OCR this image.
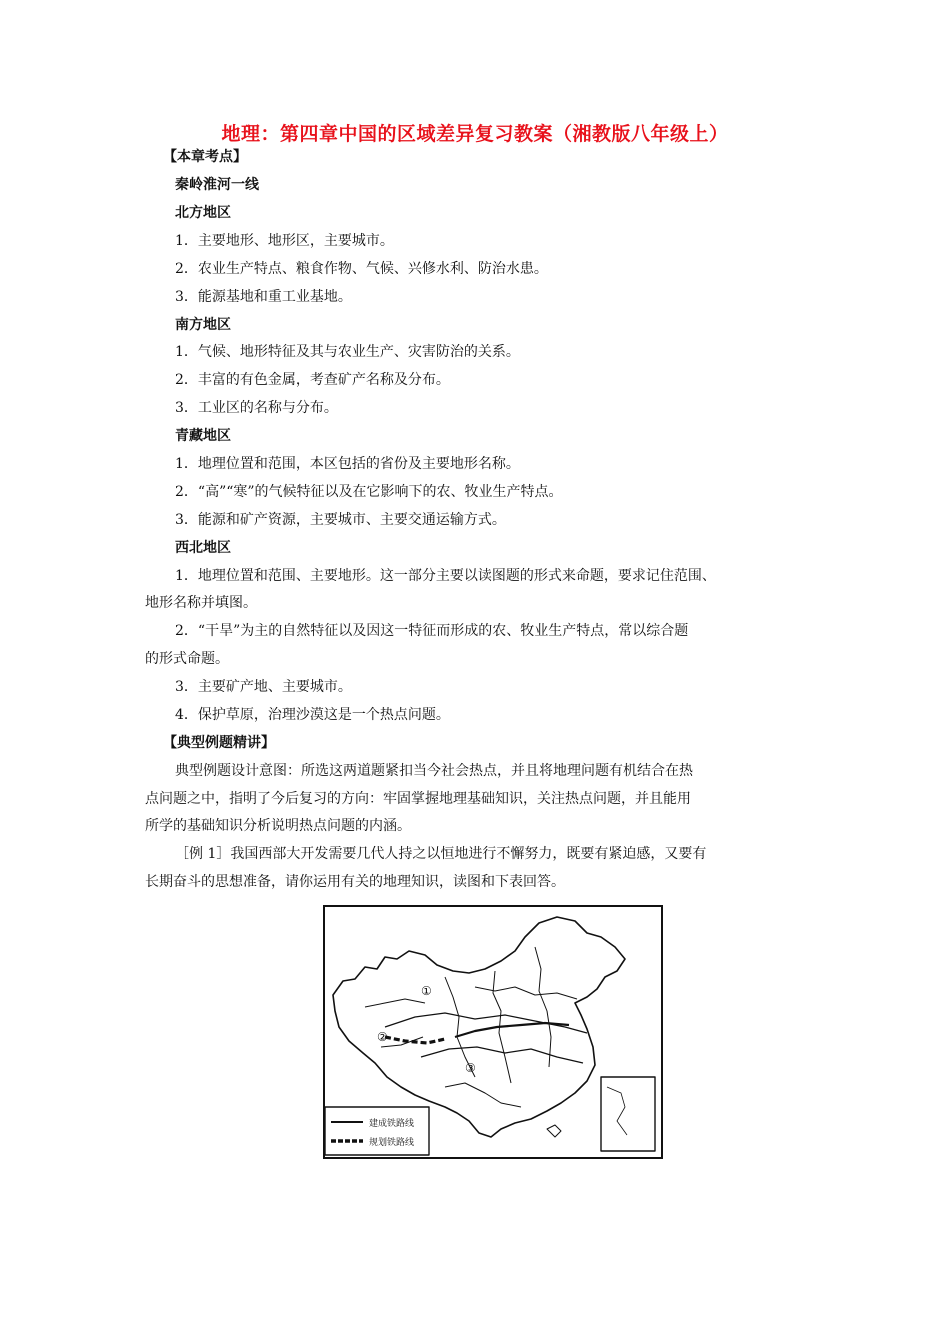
地理：第四章中国的区域差异复习教案（湘教版八年级上）
【本章考点】
秦岭淮河一线
北方地区
1．主要地形、地形区，主要城市。
2．农业生产特点、粮食作物、气候、兴修水利、防治水患。
3．能源基地和重工业基地。
南方地区
1．气候、地形特征及其与农业生产、灾害防治的关系。
2．丰富的有色金属，考查矿产名称及分布。
3．工业区的名称与分布。
青藏地区
1．地理位置和范围，本区包括的省份及主要地形名称。
2．“高”“寒”的气候特征以及在它影响下的农、牧业生产特点。
3．能源和矿产资源，主要城市、主要交通运输方式。
西北地区
1．地理位置和范围、主要地形。这一部分主要以读图题的形式来命题，要求记住范围、
地形名称并填图。
2．“干旱”为主的自然特征以及因这一特征而形成的农、牧业生产特点，常以综合题
的形式命题。
3．主要矿产地、主要城市。
4．保护草原，治理沙漠这是一个热点问题。
【典型例题精讲】
典型例题设计意图：所选这两道题紧扣当今社会热点，并且将地理问题有机结合在热
点问题之中，指明了今后复习的方向：牢固掌握地理基础知识，关注热点问题，并且能用
所学的基础知识分析说明热点问题的内涵。
［例 1］我国西部大开发需要几代人持之以恒地进行不懈努力，既要有紧迫感，又要有
长期奋斗的思想准备，请你运用有关的地理知识，读图和下表回答。
①
②
③
建成铁路线
规划铁路线
